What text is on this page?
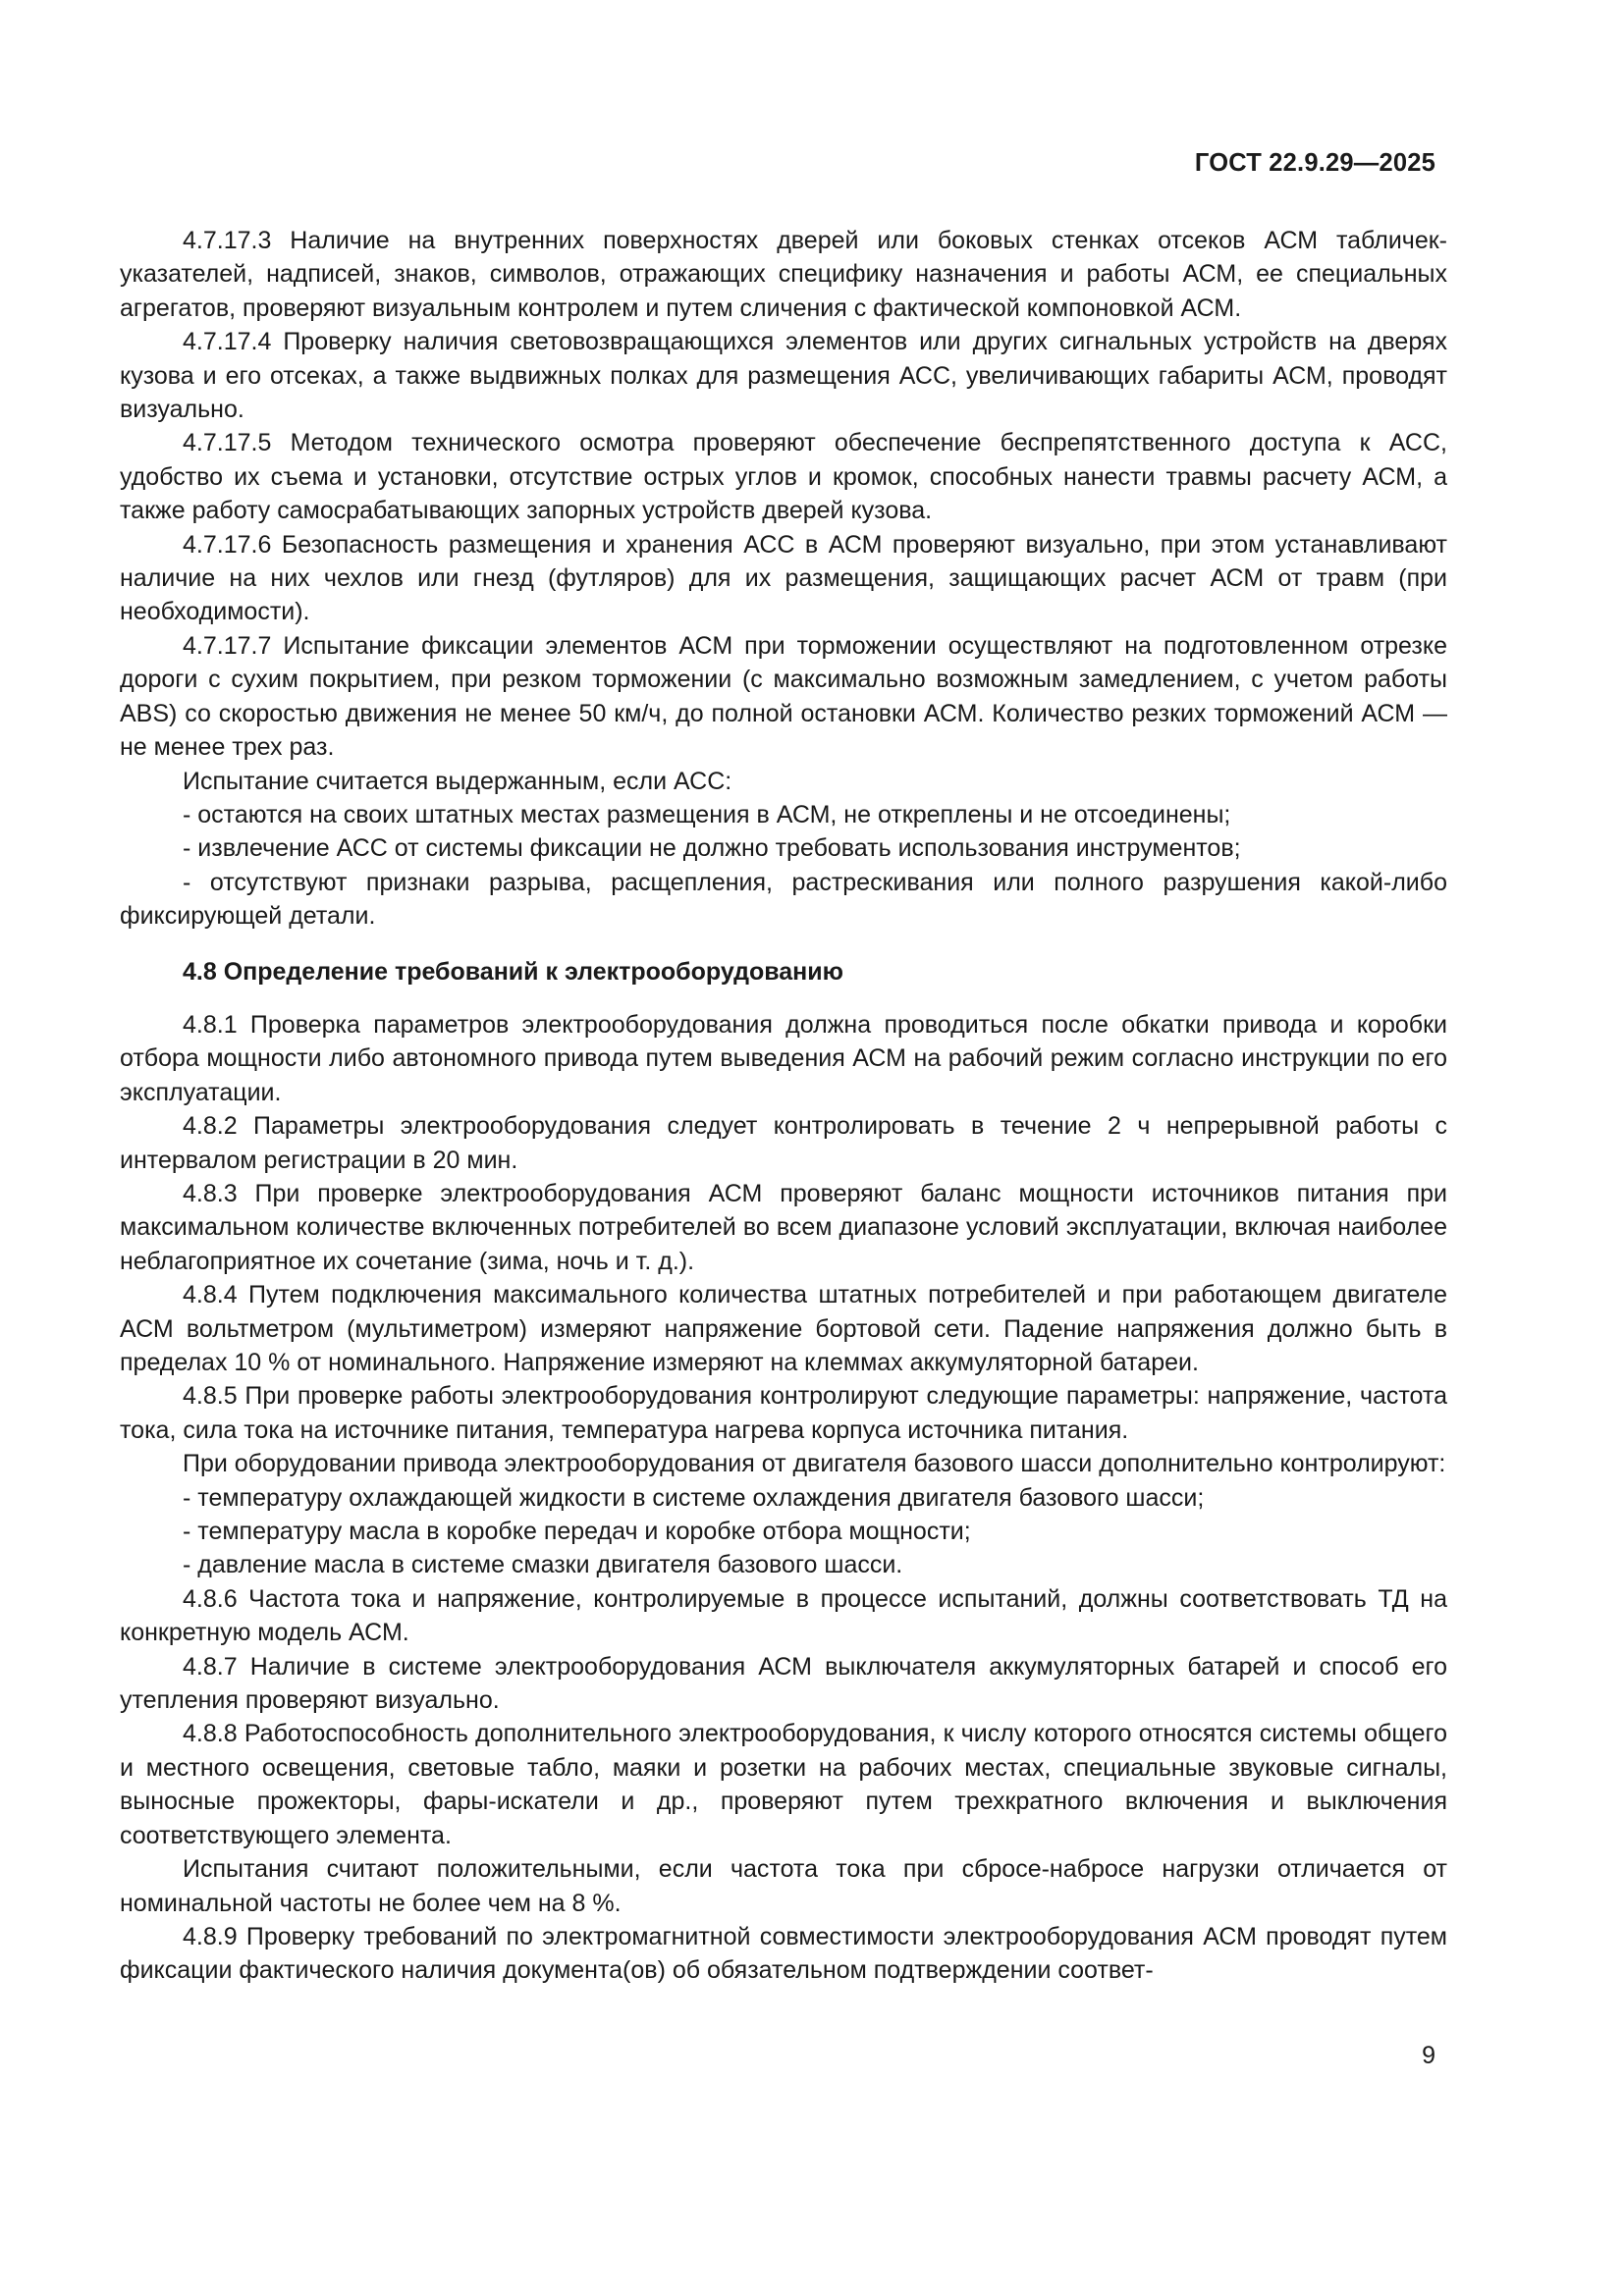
ГОСТ 22.9.29—2025

4.7.17.3 Наличие на внутренних поверхностях дверей или боковых стенках отсеков АСМ табличек-указателей, надписей, знаков, символов, отражающих специфику назначения и работы АСМ, ее специальных агрегатов, проверяют визуальным контролем и путем сличения с фактической компоновкой АСМ.

4.7.17.4 Проверку наличия световозвращающихся элементов или других сигнальных устройств на дверях кузова и его отсеках, а также выдвижных полках для размещения АСС, увеличивающих габариты АСМ, проводят визуально.

4.7.17.5 Методом технического осмотра проверяют обеспечение беспрепятственного доступа к АСС, удобство их съема и установки, отсутствие острых углов и кромок, способных нанести травмы расчету АСМ, а также работу самосрабатывающих запорных устройств дверей кузова.

4.7.17.6 Безопасность размещения и хранения АСС в АСМ проверяют визуально, при этом устанавливают наличие на них чехлов или гнезд (футляров) для их размещения, защищающих расчет АСМ от травм (при необходимости).

4.7.17.7 Испытание фиксации элементов АСМ при торможении осуществляют на подготовленном отрезке дороги с сухим покрытием, при резком торможении (с максимально возможным замедлением, с учетом работы ABS) со скоростью движения не менее 50 км/ч, до полной остановки АСМ. Количество резких торможений АСМ — не менее трех раз.

Испытание считается выдержанным, если АСС:

- остаются на своих штатных местах размещения в АСМ, не откреплены и не отсоединены;

- извлечение АСС от системы фиксации не должно требовать использования инструментов;

- отсутствуют признаки разрыва, расщепления, растрескивания или полного разрушения какой-либо фиксирующей детали.

4.8 Определение требований к электрооборудованию

4.8.1 Проверка параметров электрооборудования должна проводиться после обкатки привода и коробки отбора мощности либо автономного привода путем выведения АСМ на рабочий режим согласно инструкции по его эксплуатации.

4.8.2 Параметры электрооборудования следует контролировать в течение 2 ч непрерывной работы с интервалом регистрации в 20 мин.

4.8.3 При проверке электрооборудования АСМ проверяют баланс мощности источников питания при максимальном количестве включенных потребителей во всем диапазоне условий эксплуатации, включая наиболее неблагоприятное их сочетание (зима, ночь и т. д.).

4.8.4 Путем подключения максимального количества штатных потребителей и при работающем двигателе АСМ вольтметром (мультиметром) измеряют напряжение бортовой сети. Падение напряжения должно быть в пределах 10 % от номинального. Напряжение измеряют на клеммах аккумуляторной батареи.

4.8.5 При проверке работы электрооборудования контролируют следующие параметры: напряжение, частота тока, сила тока на источнике питания, температура нагрева корпуса источника питания.

При оборудовании привода электрооборудования от двигателя базового шасси дополнительно контролируют:

- температуру охлаждающей жидкости в системе охлаждения двигателя базового шасси;

- температуру масла в коробке передач и коробке отбора мощности;

- давление масла в системе смазки двигателя базового шасси.

4.8.6 Частота тока и напряжение, контролируемые в процессе испытаний, должны соответствовать ТД на конкретную модель АСМ.

4.8.7 Наличие в системе электрооборудования АСМ выключателя аккумуляторных батарей и способ его утепления проверяют визуально.

4.8.8 Работоспособность дополнительного электрооборудования, к числу которого относятся системы общего и местного освещения, световые табло, маяки и розетки на рабочих местах, специальные звуковые сигналы, выносные прожекторы, фары-искатели и др., проверяют путем трехкратного включения и выключения соответствующего элемента.

Испытания считают положительными, если частота тока при сбросе-набросе нагрузки отличается от номинальной частоты не более чем на 8 %.

4.8.9 Проверку требований по электромагнитной совместимости электрооборудования АСМ проводят путем фиксации фактического наличия документа(ов) об обязательном подтверждении соответ-

9
